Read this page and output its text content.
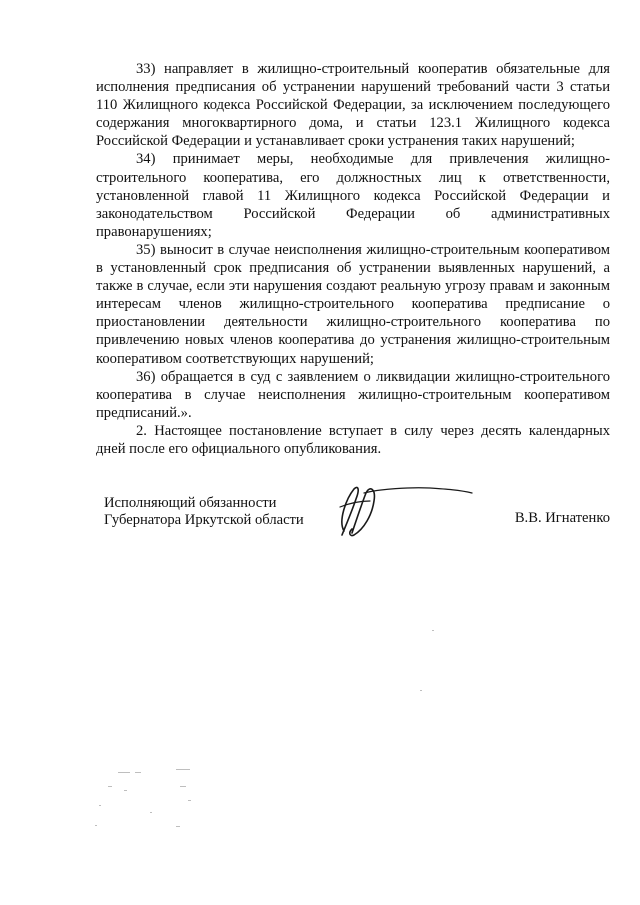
33) направляет в жилищно-строительный кооператив обязательные для исполнения предписания об устранении нарушений требований части 3 статьи 110 Жилищного кодекса Российской Федерации, за исключением последующего содержания многоквартирного дома, и статьи 123.1 Жилищного кодекса Российской Федерации и устанавливает сроки устранения таких нарушений;

34) принимает меры, необходимые для привлечения жилищно-строительного кооператива, его должностных лиц к ответственности, установленной главой 11 Жилищного кодекса Российской Федерации и законодательством Российской Федерации об административных правонарушениях;

35) выносит в случае неисполнения жилищно-строительным кооперативом в установленный срок предписания об устранении выявленных нарушений, а также в случае, если эти нарушения создают реальную угрозу правам и законным интересам членов жилищно-строительного кооператива предписание о приостановлении деятельности жилищно-строительного кооператива по привлечению новых членов кооператива до устранения жилищно-строительным кооперативом соответствующих нарушений;

36) обращается в суд с заявлением о ликвидации жилищно-строительного кооператива в случае неисполнения жилищно-строительным кооперативом предписаний.».

2. Настоящее постановление вступает в силу через десять календарных дней после его официального опубликования.

Исполняющий обязанности
Губернатора Иркутской области	В.В. Игнатенко
